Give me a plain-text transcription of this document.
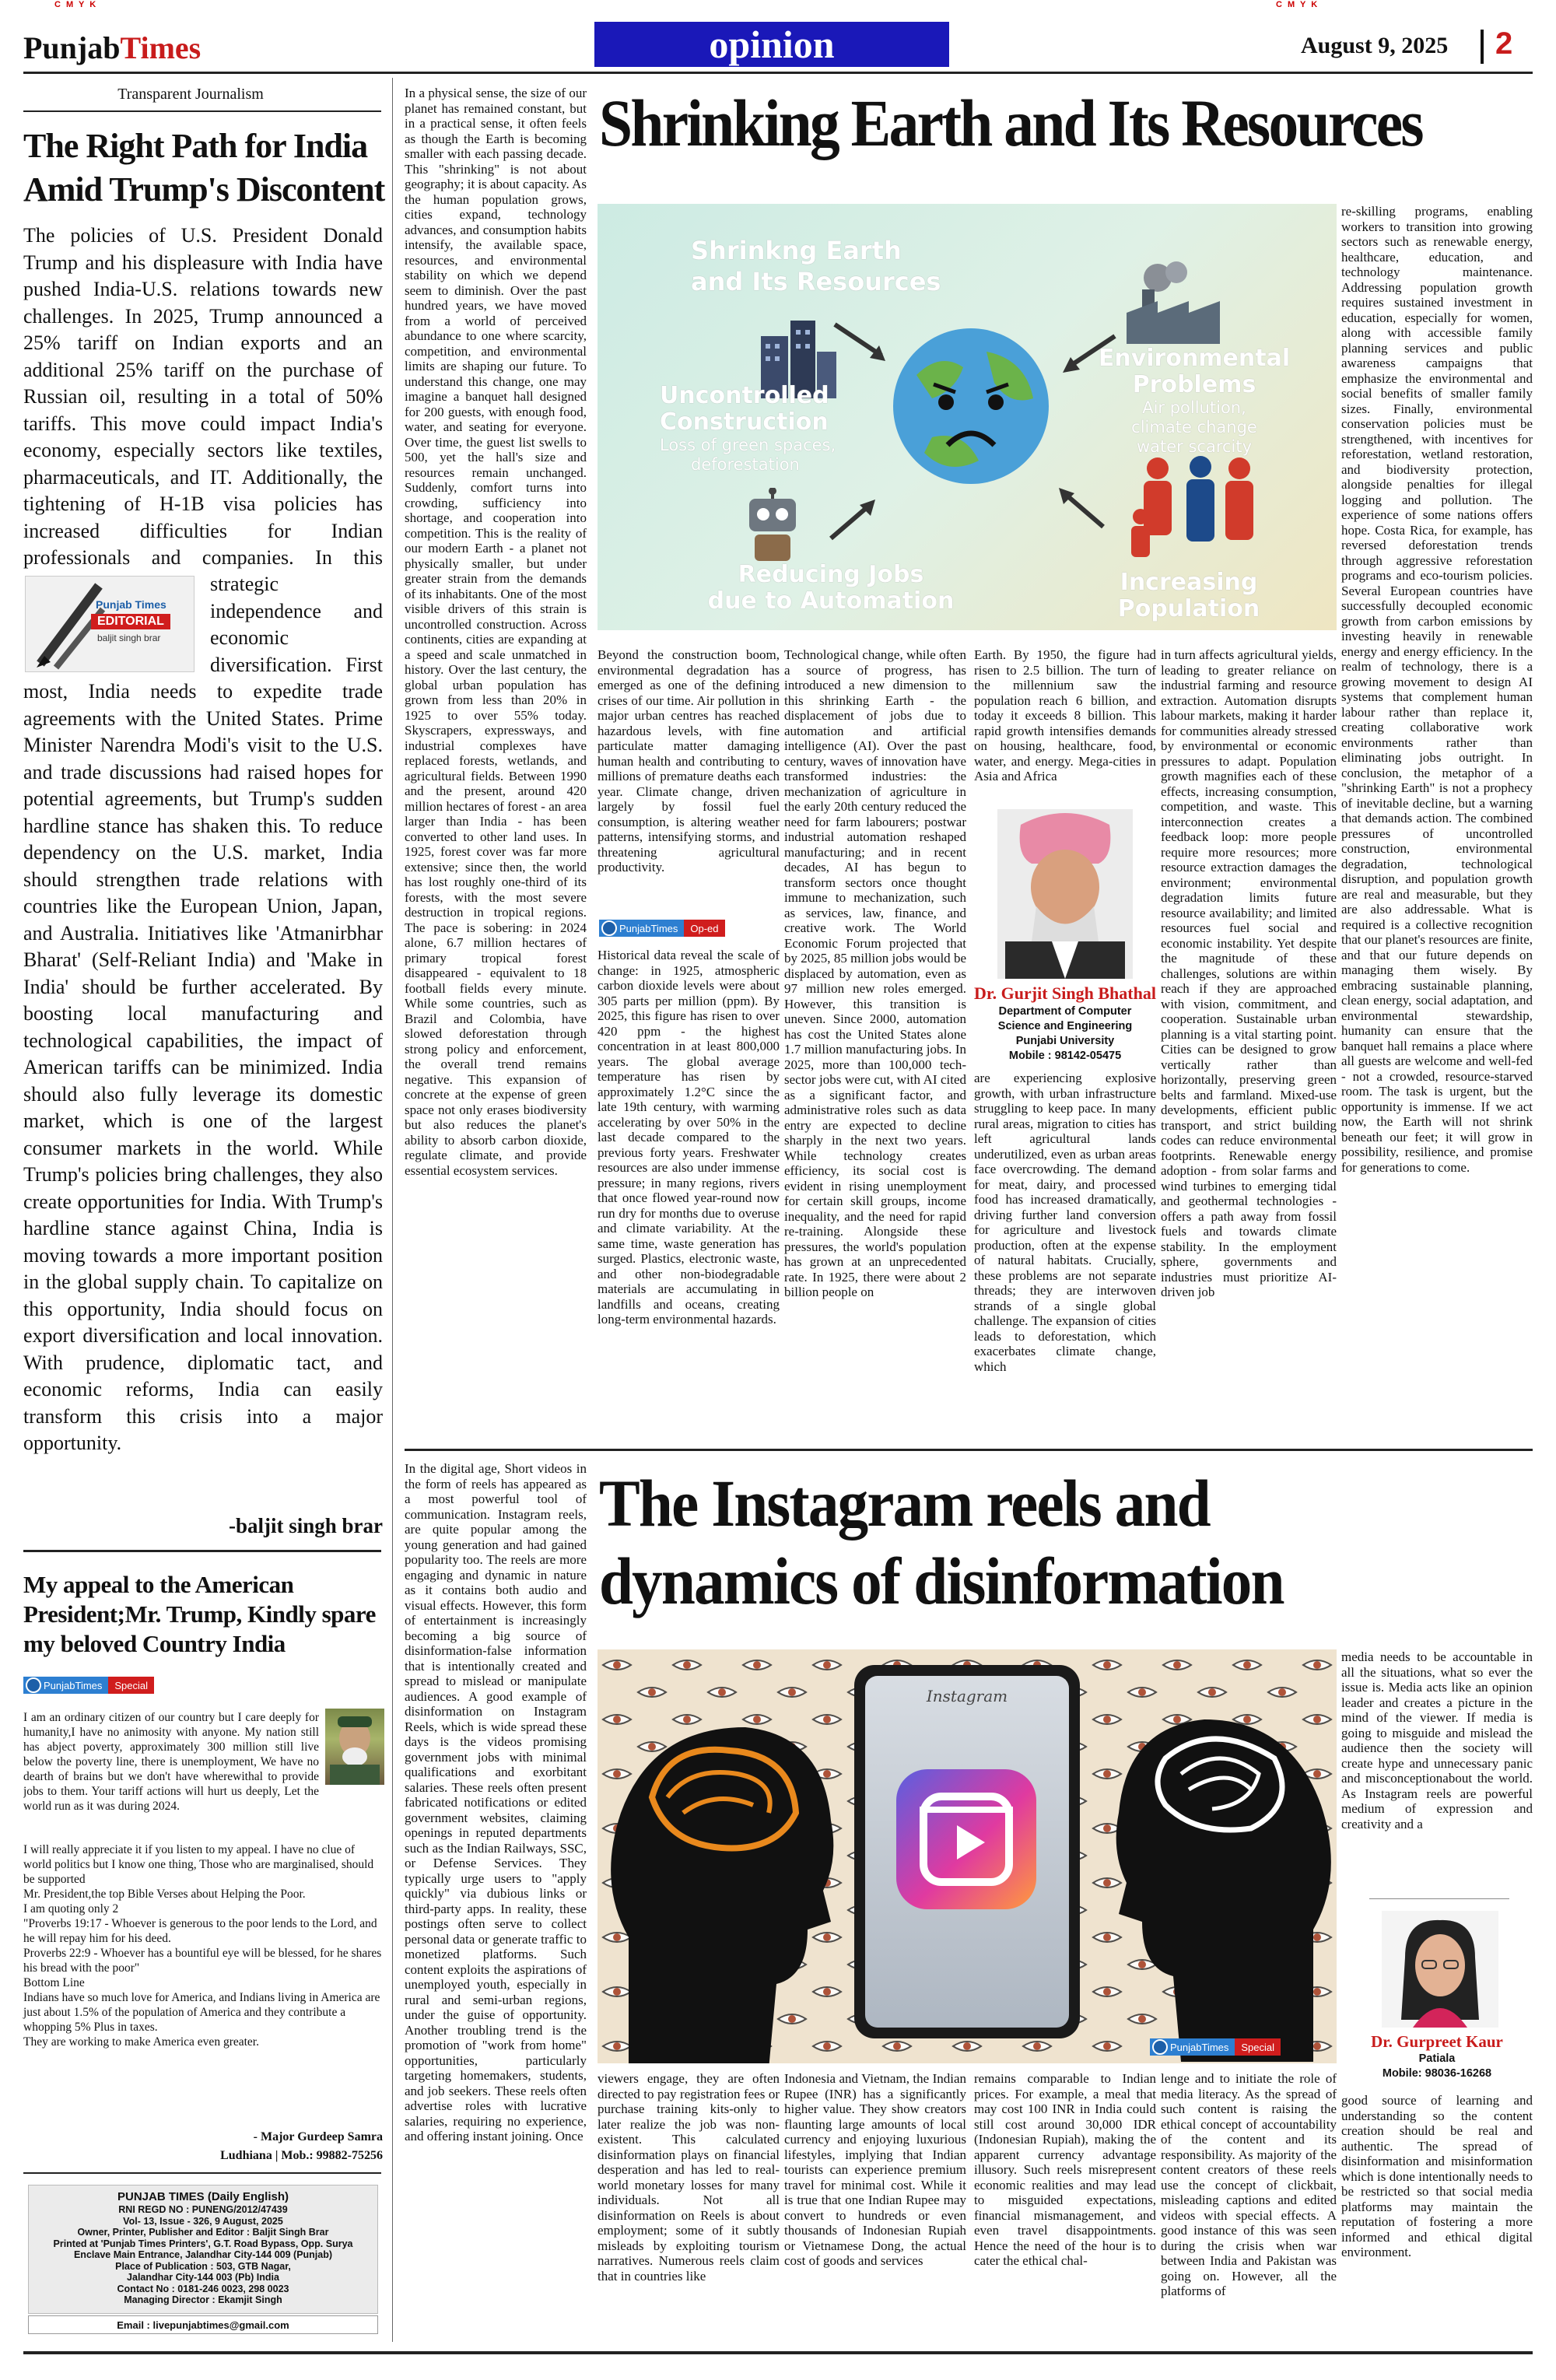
C M Y K	C M Y K
PunjabTimes	opinion	August 9, 2025 2
Transparent Journalism
The Right Path for India Amid Trump's Discontent
The policies of U.S. President Donald Trump and his displeasure with India have pushed India-U.S. relations towards new challenges. In 2025, Trump announced a 25% tariff on Indian exports and an additional 25% tariff on the purchase of Russian oil, resulting in a total of 50% tariffs. This move could impact India's economy, especially sectors like textiles, pharmaceuticals, and IT. Additionally, the tightening of H-1B visa policies has increased difficulties for Indian professionals and companies. In this
Punjab Times
EDITORIAL
baljit singh brar
strategic independence and economic diversification. First
most, India needs to expedite trade agreements with the United States. Prime Minister Narendra Modi's visit to the U.S. and trade discussions had raised hopes for potential agreements, but Trump's sudden hardline stance has shaken this. To reduce dependency on the U.S. market, India should strengthen trade relations with countries like the European Union, Japan, and Australia. Initiatives like 'Atmanirbhar Bharat' (Self-Reliant India) and 'Make in India' should be further accelerated. By boosting local manufacturing and technological capabilities, the impact of American tariffs can be minimized. India should also fully leverage its domestic market, which is one of the largest consumer markets in the world. While Trump's policies bring challenges, they also create opportunities for India. With Trump's hardline stance against China, India is moving towards a more important position in the global supply chain. To capitalize on this opportunity, India should focus on export diversification and local innovation. With prudence, diplomatic tact, and economic reforms, India can easily transform this crisis into a major opportunity.
-baljit singh brar
My appeal to the American President;Mr. Trump, Kindly spare my beloved Country India
PunjabTimes	Special
I am an ordinary citizen of our country but I care deeply for humanity,I have no animosity with anyone. My nation still has abject poverty, approximately 300 million still live below the poverty line, there is unemployment, We have no dearth of brains but we don't have wherewithal to provide jobs to them. Your tariff actions will hurt us deeply, Let the world run as it was during 2024.

I will really appreciate it if you listen to my appeal. I have no clue of world politics but I know one thing, Those who are marginalised, should be supported

Mr. President,the top Bible Verses about Helping the Poor.

I am quoting only 2

"Proverbs 19:17 - Whoever is generous to the poor lends to the Lord, and he will repay him for his deed.

Proverbs 22:9 - Whoever has a bountiful eye will be blessed, for he shares his bread with the poor"

Bottom Line

Indians have so much love for America, and Indians living in America are just about 1.5% of the population of America and they contribute a whopping 5% Plus in taxes.

They are working to make America even greater.

- Major Gurdeep Samra
Ludhiana | Mob.: 99882-75256
PUNJAB TIMES (Daily English)
RNI REGD NO : PUNENG/2012/47439
Vol- 13, Issue - 326, 9 August, 2025
Owner, Printer, Publisher and Editor : Baljit Singh Brar
Printed at 'Punjab Times Printers', G.T. Road Bypass, Opp. Surya Enclave Main Entrance, Jalandhar City-144 009 (Punjab)
Place of Publication : 503, GTB Nagar,
Jalandhar City-144 003 (Pb) India
Contact No : 0181-246 0023, 298 0023
Managing Director : Ekamjit Singh
Email : livepunjabtimes@gmail.com
Shrinking Earth and Its Resources
In a physical sense, the size of our planet has remained constant, but in a practical sense, it often feels as though the Earth is becoming smaller with each passing decade. This "shrinking" is not about geography; it is about capacity. As the human population grows, cities expand, technology advances, and consumption habits intensify, the available space, resources, and environmental stability on which we depend seem to diminish. Over the past hundred years, we have moved from a world of perceived abundance to one where scarcity, competition, and environmental limits are shaping our future. To understand this change, one may imagine a banquet hall designed for 200 guests, with enough food, water, and seating for everyone. Over time, the guest list swells to 500, yet the hall's size and resources remain unchanged. Suddenly, comfort turns into crowding, sufficiency into shortage, and cooperation into competition. This is the reality of our modern Earth - a planet not physically smaller, but under greater strain from the demands of its inhabitants. One of the most visible drivers of this strain is uncontrolled construction. Across continents, cities are expanding at a speed and scale unmatched in history. Over the last century, the global urban population has grown from less than 20% in 1925 to over 55% today. Skyscrapers, expressways, and industrial complexes have replaced forests, wetlands, and agricultural fields. Between 1990 and the present, around 420 million hectares of forest - an area larger than India - has been converted to other land uses. In 1925, forest cover was far more extensive; since then, the world has lost roughly one-third of its forests, with the most severe destruction in tropical regions. The pace is sobering: in 2024 alone, 6.7 million hectares of primary tropical forest disappeared - equivalent to 18 football fields every minute. While some countries, such as Brazil and Colombia, have slowed deforestation through strong policy and enforcement, the overall trend remains negative. This expansion of concrete at the expense of green space not only erases biodiversity but also reduces the planet's ability to absorb carbon dioxide, regulate climate, and provide essential ecosystem services.
Shrinkng Earth
and Its Resources
Environmental
Problems
Air pollution,
climate change
water scarcity
Uncontrolled
Construction
Loss of green spaces,
deforestation
Reducing Jobs
due to Automation
Increasing
Population
re-skilling programs, enabling workers to transition into growing sectors such as renewable energy, healthcare, education, and technology maintenance. Addressing population growth requires sustained investment in education, especially for women, along with accessible family planning services and public awareness campaigns that emphasize the environmental and social benefits of smaller family sizes. Finally, environmental conservation policies must be strengthened, with incentives for reforestation, wetland restoration, and biodiversity protection, alongside penalties for illegal logging and pollution. The experience of some nations offers hope. Costa Rica, for example, has reversed deforestation trends through aggressive reforestation programs and eco-tourism policies. Several European countries have successfully decoupled economic growth from carbon emissions by investing heavily in renewable energy and energy efficiency. In the realm of technology, there is a growing movement to design AI systems that complement human labour rather than replace it, creating collaborative work environments rather than eliminating jobs outright. In conclusion, the metaphor of a "shrinking Earth" is not a prophecy of inevitable decline, but a warning that demands action. The combined pressures of uncontrolled construction, environmental degradation, technological disruption, and population growth are real and measurable, but they are also addressable. What is required is a collective recognition that our planet's resources are finite, and that our future depends on managing them wisely. By embracing sustainable planning, clean energy, social adaptation, and environmental stewardship, humanity can ensure that the banquet hall remains a place where all guests are welcome and well-fed - not a crowded, resource-starved room. The task is urgent, but the opportunity is immense. If we act now, the Earth will not shrink beneath our feet; it will grow in possibility, resilience, and promise for generations to come.
Beyond the construction boom, environmental degradation has emerged as one of the defining crises of our time. Air pollution in major urban centres has reached hazardous levels, with fine particulate matter damaging human health and contributing to millions of premature deaths each year. Climate change, driven largely by fossil fuel consumption, is altering weather patterns, intensifying storms, and threatening agricultural productivity.
PunjabTimes	Op-ed
Historical data reveal the scale of change: in 1925, atmospheric carbon dioxide levels were about 305 parts per million (ppm). By 2025, this figure has risen to over 420 ppm - the highest concentration in at least 800,000 years. The global average temperature has risen by approximately 1.2°C since the late 19th century, with warming accelerating by over 50% in the last decade compared to the previous forty years. Freshwater resources are also under immense pressure; in many regions, rivers that once flowed year-round now run dry for months due to overuse and climate variability. At the same time, waste generation has surged. Plastics, electronic waste, and other non-biodegradable materials are accumulating in landfills and oceans, creating long-term environmental hazards.
Technological change, while often a source of progress, has introduced a new dimension to this shrinking Earth - the displacement of jobs due to automation and artificial intelligence (AI). Over the past century, waves of innovation have transformed industries: the mechanization of agriculture in the early 20th century reduced the need for farm labourers; postwar industrial automation reshaped manufacturing; and in recent decades, AI has begun to transform sectors once thought immune to mechanization, such as services, law, finance, and creative work. The World Economic Forum projected that by 2025, 85 million jobs would be displaced by automation, even as 97 million new roles emerged. However, this transition is uneven. Since 2000, automation has cost the United States alone 1.7 million manufacturing jobs. In 2025, more than 100,000 tech-sector jobs were cut, with AI cited as a significant factor, and administrative roles such as data entry are expected to decline sharply in the next two years. While technology creates efficiency, its social cost is evident in rising unemployment for certain skill groups, income inequality, and the need for rapid re-training. Alongside these pressures, the world's population has grown at an unprecedented rate. In 1925, there were about 2 billion people on
Earth. By 1950, the figure had risen to 2.5 billion. The turn of the millennium saw the population reach 6 billion, and today it exceeds 8 billion. This rapid growth intensifies demands on housing, healthcare, food, water, and energy. Mega-cities in Asia and Africa
Dr. Gurjit Singh Bhathal
Department of Computer
Science and Engineering
Punjabi University
Mobile : 98142-05475
are experiencing explosive growth, with urban infrastructure struggling to keep pace. In many rural areas, migration to cities has left agricultural lands underutilized, even as urban areas face overcrowding. The demand for meat, dairy, and processed food has increased dramatically, driving further land conversion for agriculture and livestock production, often at the expense of natural habitats. Crucially, these problems are not separate threads; they are interwoven strands of a single global challenge. The expansion of cities leads to deforestation, which exacerbates climate change, which
in turn affects agricultural yields, leading to greater reliance on industrial farming and resource extraction. Automation disrupts labour markets, making it harder for communities already stressed by environmental or economic pressures to adapt. Population growth magnifies each of these effects, increasing consumption, competition, and waste. This interconnection creates a feedback loop: more people require more resources; more resource extraction damages the environment; environmental degradation limits future resource availability; and limited resources fuel social and economic instability. Yet despite the magnitude of these challenges, solutions are within reach if they are approached with vision, commitment, and cooperation. Sustainable urban planning is a vital starting point. Cities can be designed to grow vertically rather than horizontally, preserving green belts and farmland. Mixed-use developments, efficient public transport, and strict building codes can reduce environmental footprints. Renewable energy adoption - from solar farms and wind turbines to emerging tidal and geothermal technologies - offers a path away from fossil fuels and towards climate stability. In the employment sphere, governments and industries must prioritize AI-driven job
In the digital age, Short videos in the form of reels has appeared as a most powerful tool of communication. Instagram reels, are quite popular among the young generation and had gained popularity too. The reels are more engaging and dynamic in nature as it contains both audio and visual effects. However, this form of entertainment is increasingly becoming a big source of disinformation-false information that is intentionally created and spread to mislead or manipulate audiences. A good example of disinformation on Instagram Reels, which is wide spread these days is the videos promising government jobs with minimal qualifications and exorbitant salaries. These reels often present fabricated notifications or edited government websites, claiming openings in reputed departments such as the Indian Railways, SSC, or Defense Services. They typically urge users to "apply quickly" via dubious links or third-party apps. In reality, these postings often serve to collect personal data or generate traffic to monetized platforms. Such content exploits the aspirations of unemployed youth, especially in rural and semi-urban regions, under the guise of opportunity. Another troubling trend is the promotion of "work from home" opportunities, particularly targeting homemakers, students, and job seekers. These reels often advertise roles with lucrative salaries, requiring no experience, and offering instant joining. Once
The Instagram reels and
dynamics of disinformation
Instagram
PunjabTimes	Special
media needs to be accountable in all the situations, what so ever the issue is. Media acts like an opinion leader and creates a picture in the mind of the viewer. If media is going to misguide and mislead the audience then the society will create hype and unnecessary panic and misconceptionabout the world. As Instagram reels are powerful medium of expression and creativity and a
Dr. Gurpreet Kaur
Patiala
Mobile: 98036-16268
good source of learning and understanding so the content creation should be real and authentic. The spread of disinformation and misinformation which is done intentionally needs to be restricted so that social media platforms may maintain the reputation of fostering a more informed and ethical digital environment.
viewers engage, they are often directed to pay registration fees or purchase training kits-only to later realize the job was non-existent. This calculated disinformation plays on financial desperation and has led to real-world monetary losses for many individuals. Not all disinformation on Reels is about employment; some of it subtly misleads by exploiting tourism narratives. Numerous reels claim that in countries like
Indonesia and Vietnam, the Indian Rupee (INR) has a significantly higher value. They show creators flaunting large amounts of local currency and enjoying luxurious lifestyles, implying that Indian tourists can experience premium travel for minimal cost. While it is true that one Indian Rupee may convert to hundreds or even thousands of Indonesian Rupiah or Vietnamese Dong, the actual cost of goods and services
remains comparable to Indian prices. For example, a meal that may cost 100 INR in India could still cost around 30,000 IDR (Indonesian Rupiah), making the apparent currency advantage illusory. Such reels misrepresent economic realities and may lead to misguided expectations, financial mismanagement, and even travel disappointments. Hence the need of the hour is to cater the ethical chal-
lenge and to initiate the role of media literacy. As the spread of such content is raising the ethical concept of accountability of the content and its responsibility. As majority of the content creators of these reels use the concept of clickbait, misleading captions and edited videos with special effects. A good instance of this was seen during the crisis when war between India and Pakistan was going on. However, all the platforms of
